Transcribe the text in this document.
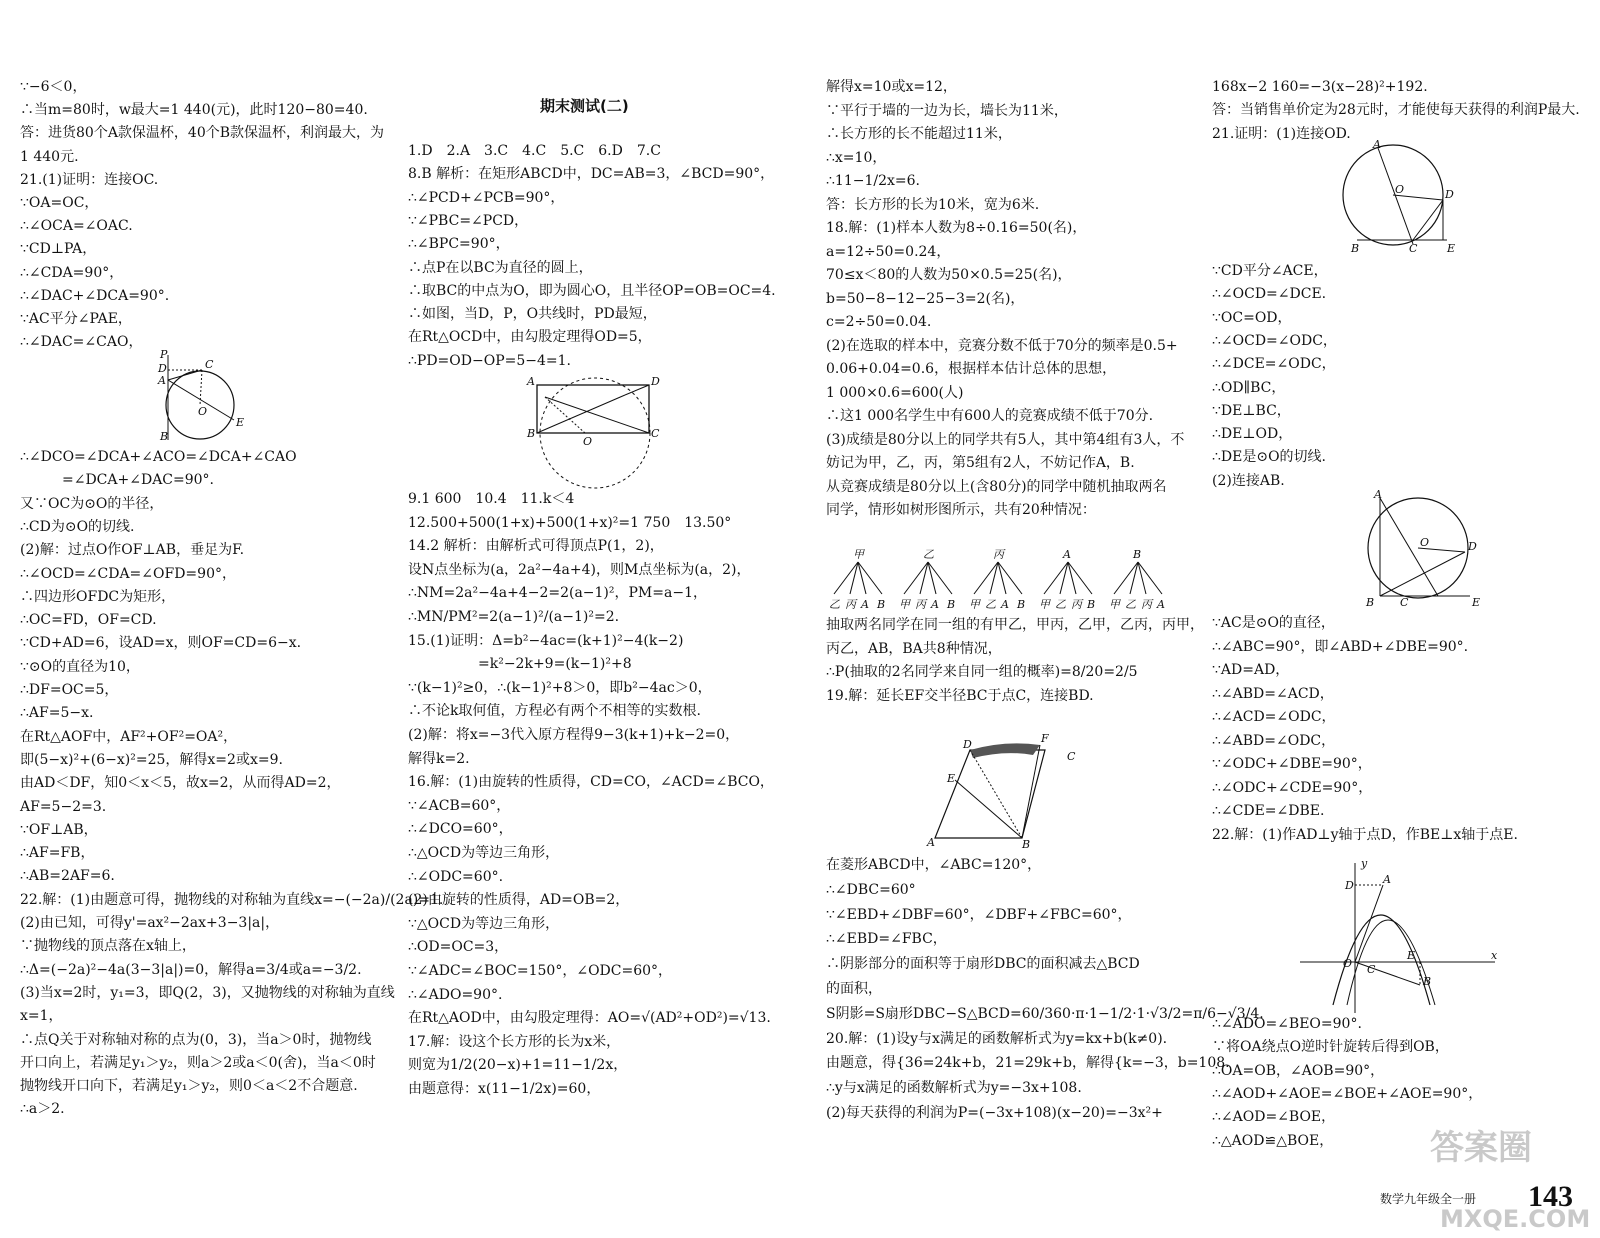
∵−6＜0，
∴当m=80时，w最大=1 440(元)，此时120−80=40.
答：进货80个A款保温杯，40个B款保温杯，利润最大，为
1 440元.
21.(1)证明：连接OC.
∵OA=OC，
∴∠OCA=∠OAC.
∵CD⊥PA，
∴∠CDA=90°，
∴∠DAC+∠DCA=90°.
∵AC平分∠PAE，
∴∠DAC=∠CAO，
∴∠DCO=∠DCA+∠ACO=∠DCA+∠CAO
　　　=∠DCA+∠DAC=90°.
又∵OC为⊙O的半径，
∴CD为⊙O的切线.
(2)解：过点O作OF⊥AB，垂足为F.
∴∠OCD=∠CDA=∠OFD=90°，
∴四边形OFDC为矩形，
∴OC=FD，OF=CD.
∵CD+AD=6，设AD=x，则OF=CD=6−x.
∵⊙O的直径为10，
∴DF=OC=5，
∴AF=5−x.
在Rt△AOF中，AF²+OF²=OA²，
即(5−x)²+(6−x)²=25，解得x=2或x=9.
由AD＜DF，知0＜x＜5，故x=2，从而得AD=2，
AF=5−2=3.
∵OF⊥AB，
∴AF=FB，
∴AB=2AF=6.
22.解：(1)由题意可得，抛物线的对称轴为直线x=−(−2a)/(2a)=1.
(2)由已知，可得y'=ax²−2ax+3−3|a|，
∵抛物线的顶点落在x轴上，
∴Δ=(−2a)²−4a(3−3|a|)=0，解得a=3/4或a=−3/2.
(3)当x=2时，y₁=3，即Q(2，3)，又抛物线的对称轴为直线
x=1，
∴点Q关于对称轴对称的点为(0，3)，当a＞0时，抛物线
开口向上，若满足y₁＞y₂，则a＞2或a＜0(舍)，当a＜0时
抛物线开口向下，若满足y₁＞y₂，则0＜a＜2不合题意.
∴a＞2.
P
D
A
C
O
B
E
期末测试(二)
1.D　2.A　3.C　4.C　5.C　6.D　7.C
8.B 解析：在矩形ABCD中，DC=AB=3，∠BCD=90°，
∴∠PCD+∠PCB=90°，
∵∠PBC=∠PCD，
∴∠BPC=90°，
∴点P在以BC为直径的圆上，
∴取BC的中点为O，即为圆心O，且半径OP=OB=OC=4.
∴如图，当D，P，O共线时，PD最短，
在Rt△OCD中，由勾股定理得OD=5，
∴PD=OD−OP=5−4=1.
9.1 600　10.4　11.k＜4
12.500+500(1+x)+500(1+x)²=1 750　13.50°
14.2 解析：由解析式可得顶点P(1，2)，
设N点坐标为(a，2a²−4a+4)，则M点坐标为(a，2)，
∴NM=2a²−4a+4−2=2(a−1)²，PM=a−1，
∴MN/PM²=2(a−1)²/(a−1)²=2.
15.(1)证明：Δ=b²−4ac=(k+1)²−4(k−2)
　　　　　=k²−2k+9=(k−1)²+8
∵(k−1)²≥0，∴(k−1)²+8＞0，即b²−4ac＞0，
∴不论k取何值，方程必有两个不相等的实数根.
(2)解：将x=−3代入原方程得9−3(k+1)+k−2=0，
解得k=2.
16.解：(1)由旋转的性质得，CD=CO，∠ACD=∠BCO，
∵∠ACB=60°，
∴∠DCO=60°，
∴△OCD为等边三角形，
∴∠ODC=60°.
(2)由旋转的性质得，AD=OB=2，
∵△OCD为等边三角形，
∴OD=OC=3，
∵∠ADC=∠BOC=150°，∠ODC=60°，
∴∠ADO=90°.
在Rt△AOD中，由勾股定理得：AO=√(AD²+OD²)=√13.
17.解：设这个长方形的长为x米，
则宽为1/2(20−x)+1=11−1/2x，
由题意得：x(11−1/2x)=60，
A	D
B	C
O
解得x=10或x=12，
∵平行于墙的一边为长，墙长为11米，
∴长方形的长不能超过11米，
∴x=10，
∴11−1/2x=6.
答：长方形的长为10米，宽为6米.
18.解：(1)样本人数为8÷0.16=50(名)，
a=12÷50=0.24，
70≤x＜80的人数为50×0.5=25(名)，
b=50−8−12−25−3=2(名)，
c=2÷50=0.04.
(2)在选取的样本中，竞赛分数不低于70分的频率是0.5+
0.06+0.04=0.6，根据样本估计总体的思想，
1 000×0.6=600(人)
∴这1 000名学生中有600人的竞赛成绩不低于70分.
(3)成绩是80分以上的同学共有5人，其中第4组有3人，不
妨记为甲，乙，丙，第5组有2人，不妨记作A，B.
从竞赛成绩是80分以上(含80分)的同学中随机抽取两名
同学，情形如树形图所示，共有20种情况：
甲
乙 丙 A B
乙
甲 丙 A B
丙
甲 乙 A B
A
甲 乙 丙 B
B
甲 乙 丙 A
抽取两名同学在同一组的有甲乙，甲丙，乙甲，乙丙，丙甲，
丙乙，AB，BA共8种情况，
∴P(抽取的2名同学来自同一组的概率)=8/20=2/5
19.解：延长EF交半径BC于点C，连接BD.
D	F
C
E
A	B
在菱形ABCD中，∠ABC=120°，
∴∠DBC=60°
∵∠EBD+∠DBF=60°，∠DBF+∠FBC=60°，
∴∠EBD=∠FBC，
∴阴影部分的面积等于扇形DBC的面积减去△BCD
的面积，
S阴影=S扇形DBC−S△BCD=60/360·π·1−1/2·1·√3/2=π/6−√3/4.
20.解：(1)设y与x满足的函数解析式为y=kx+b(k≠0).
由题意，得{36=24k+b，21=29k+b，解得{k=−3，b=108.
∴y与x满足的函数解析式为y=−3x+108.
(2)每天获得的利润为P=(−3x+108)(x−20)=−3x²+
168x−2 160=−3(x−28)²+192.
答：当销售单价定为28元时，才能使每天获得的利润P最大.
21.证明：(1)连接OD.
A
O	D
B	C	E
∵CD平分∠ACE，
∴∠OCD=∠DCE.
∵OC=OD，
∴∠OCD=∠ODC，
∴∠DCE=∠ODC，
∴OD∥BC，
∵DE⊥BC，
∴DE⊥OD，
∴DE是⊙O的切线.
(2)连接AB.
A
O	D
B C	E
∵AC是⊙O的直径，
∴∠ABC=90°，即∠ABD+∠DBE=90°.
∵AD=AD，
∴∠ABD=∠ACD，
∴∠ACD=∠ODC，
∴∠ABD=∠ODC，
∵∠ODC+∠DBE=90°，
∴∠ODC+∠CDE=90°，
∴∠CDE=∠DBE.
22.解：(1)作AD⊥y轴于点D，作BE⊥x轴于点E.
y
x
D	A
O C
E
B
∴∠ADO=∠BEO=90°.
∵将OA绕点O逆时针旋转后得到OB，
∴OA=OB，∠AOB=90°，
∴∠AOD+∠AOE=∠BOE+∠AOE=90°，
∴∠AOD=∠BOE，
∴△AOD≌△BOE，
数学九年级全一册 143
答案圈
MXQE.COM
